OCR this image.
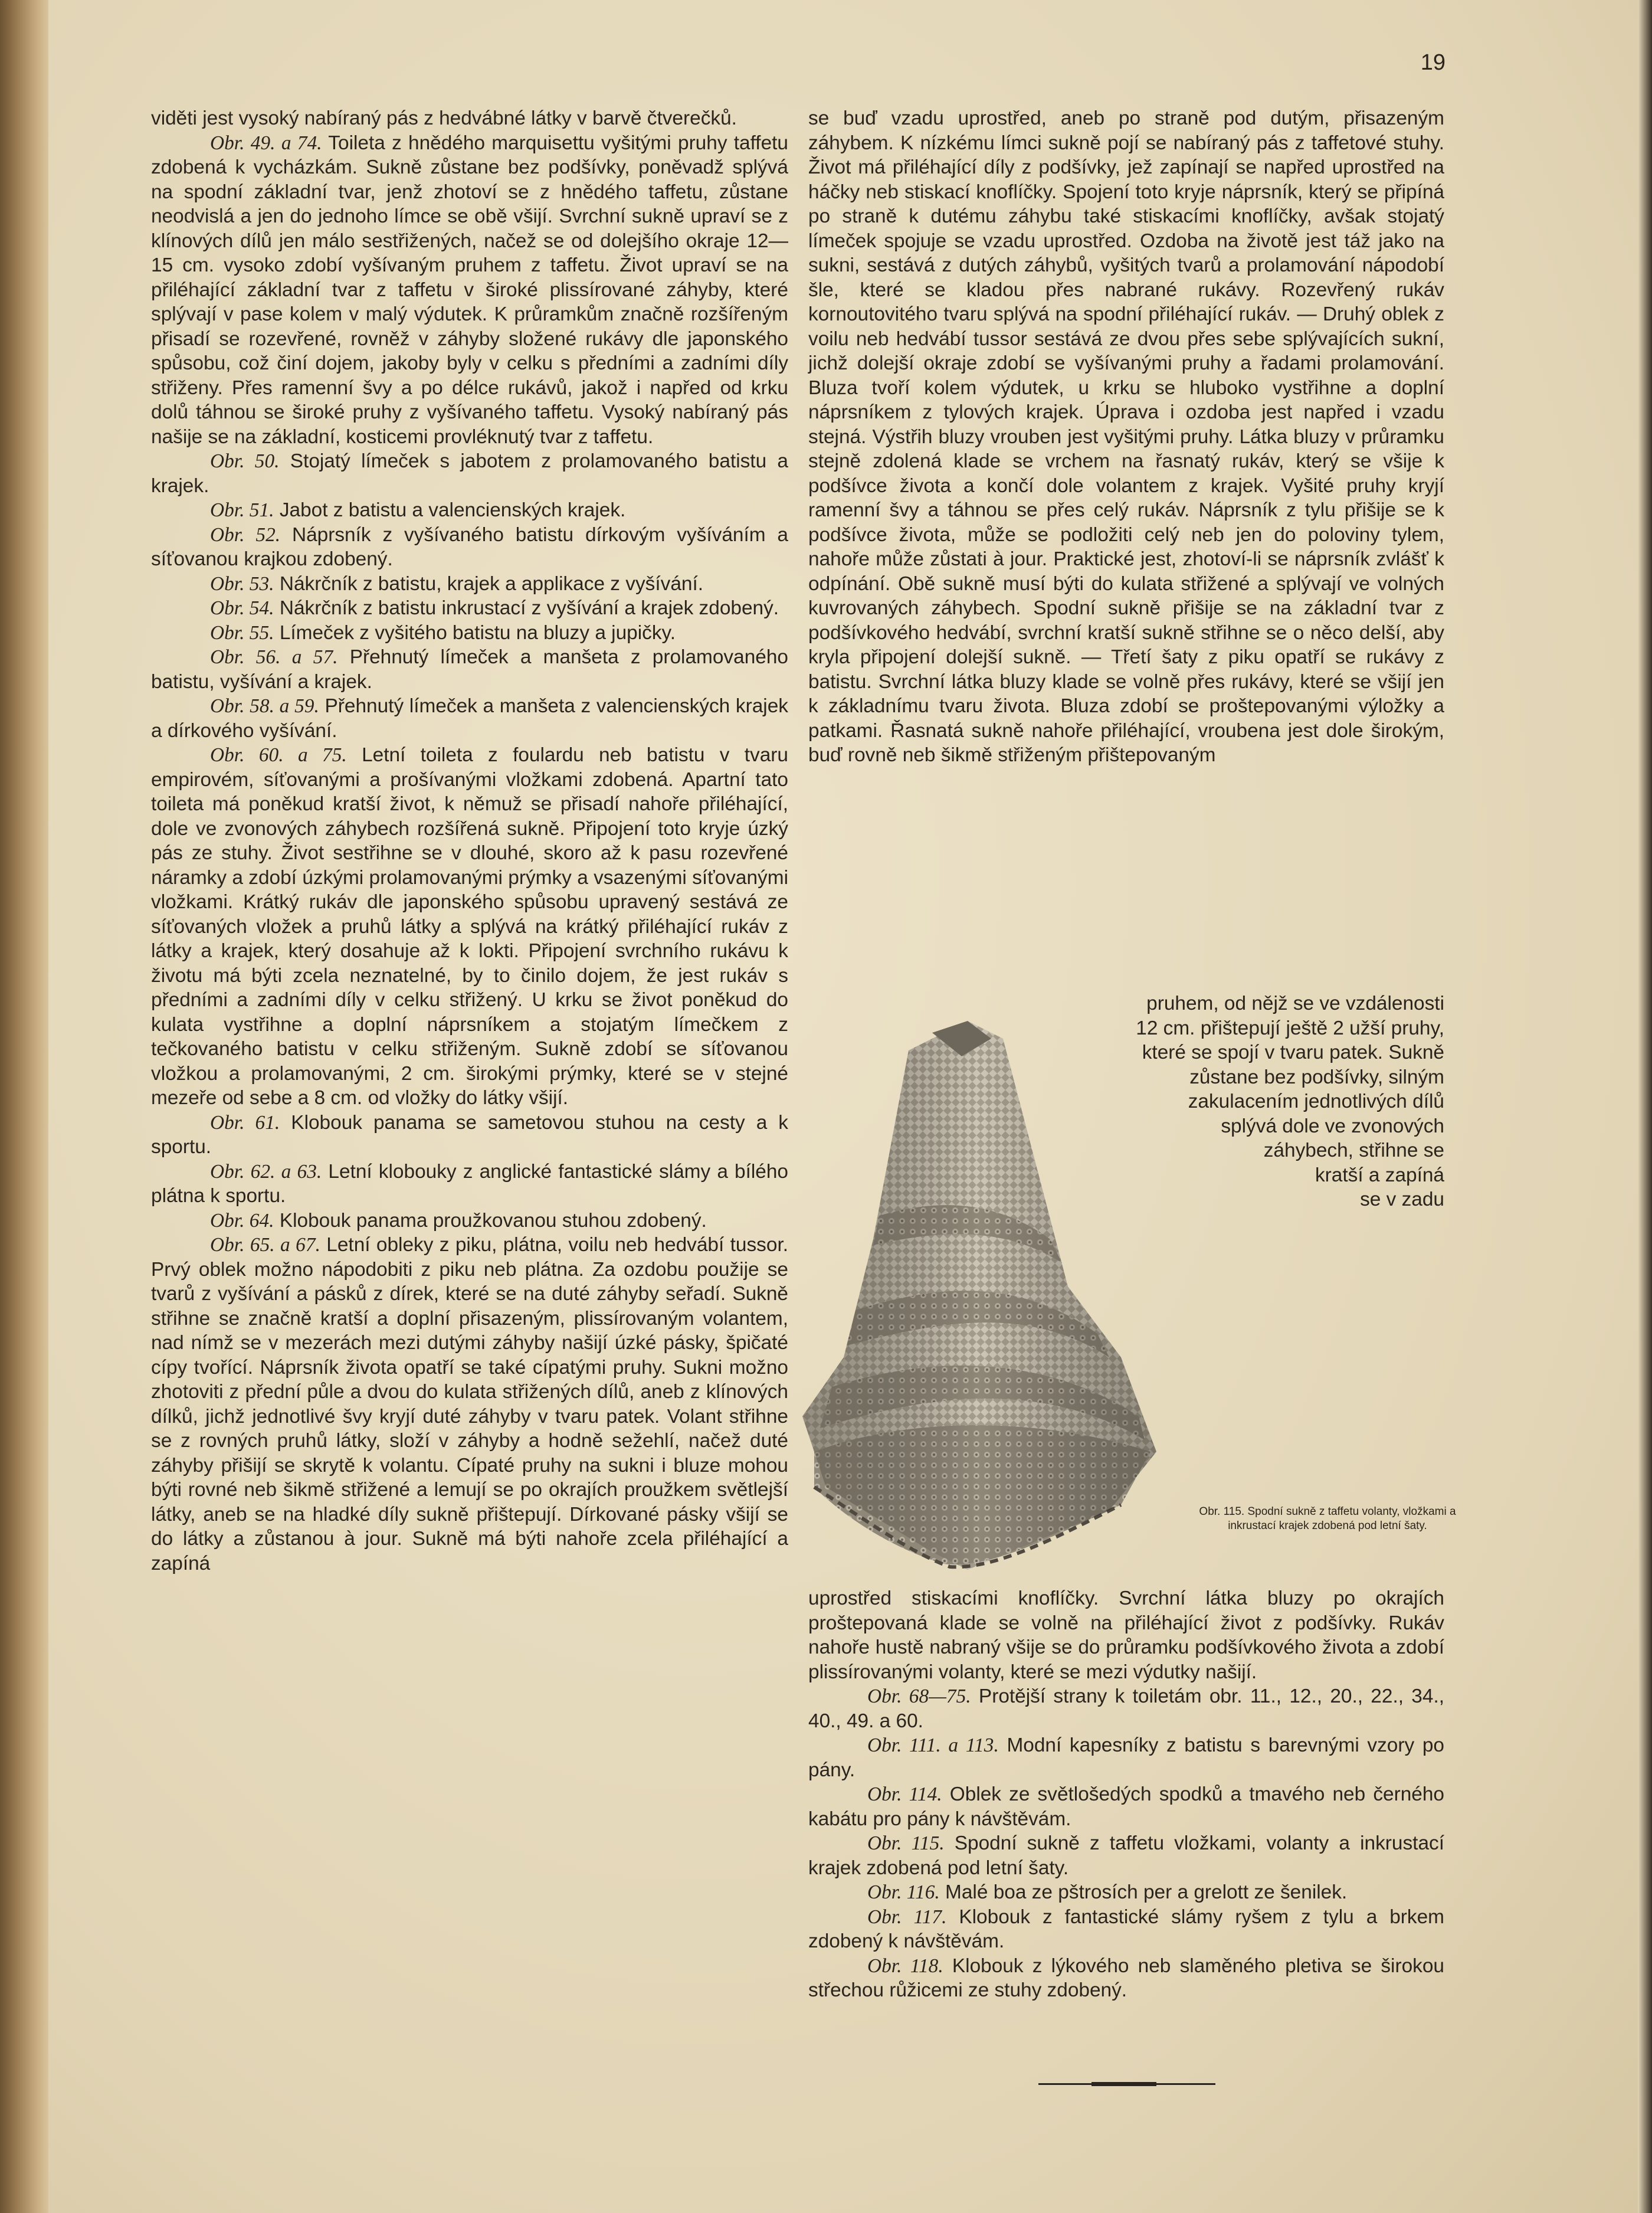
19

viděti jest vysoký nabíraný pás z hedvábné látky v barvě čtverečků.

Obr. 49. a 74. Toileta z hnědého marquisettu vyšitými pruhy taffetu zdobená k vycházkám. Sukně zůstane bez podšívky, poněvadž splývá na spodní základní tvar, jenž zhotoví se z hnědého taffetu, zůstane neodvislá a jen do jednoho límce se obě všijí. Svrchní sukně upraví se z klínových dílů jen málo sestřižených, načež se od dolejšího okraje 12—15 cm. vysoko zdobí vyšívaným pruhem z taffetu. Život upraví se na přiléhající základní tvar z taffetu v široké plissírované záhyby, které splývají v pase kolem v malý výdutek. K průramkům značně rozšířeným přisadí se rozevřené, rovněž v záhyby složené rukávy dle japonského spůsobu, což činí dojem, jakoby byly v celku s předními a zadními díly střiženy. Přes ramenní švy a po délce rukávů, jakož i napřed od krku dolů táhnou se široké pruhy z vyšívaného taffetu. Vysoký nabíraný pás našije se na základní, kosticemi provléknutý tvar z taffetu.

Obr. 50. Stojatý límeček s jabotem z prolamovaného batistu a krajek.

Obr. 51. Jabot z batistu a valencienských krajek.

Obr. 52. Náprsník z vyšívaného batistu dírkovým vyšíváním a síťovanou krajkou zdobený.

Obr. 53. Nákrčník z batistu, krajek a applikace z vyšívání.

Obr. 54. Nákrčník z batistu inkrustací z vyšívání a krajek zdobený.

Obr. 55. Límeček z vyšitého batistu na bluzy a jupičky.

Obr. 56. a 57. Přehnutý límeček a manšeta z prolamovaného batistu, vyšívání a krajek.

Obr. 58. a 59. Přehnutý límeček a manšeta z valencienských krajek a dírkového vyšívání.

Obr. 60. a 75. Letní toileta z foulardu neb batistu v tvaru empirovém, síťovanými a prošívanými vložkami zdobená. Apartní tato toileta má poněkud kratší život, k němuž se přisadí nahoře přiléhající, dole ve zvonových záhybech rozšířená sukně. Připojení toto kryje úzký pás ze stuhy. Život sestřihne se v dlouhé, skoro až k pasu rozevřené náramky a zdobí úzkými prolamovanými prýmky a vsazenými síťovanými vložkami. Krátký rukáv dle japonského spůsobu upravený sestává ze síťovaných vložek a pruhů látky a splývá na krátký přiléhající rukáv z látky a krajek, který dosahuje až k lokti. Připojení svrchního rukávu k životu má býti zcela neznatelné, by to činilo dojem, že jest rukáv s předními a zadními díly v celku střižený. U krku se život poněkud do kulata vystřihne a doplní náprsníkem a stojatým límečkem z tečkovaného batistu v celku střiženým. Sukně zdobí se síťovanou vložkou a prolamovanými, 2 cm. širokými prýmky, které se v stejné mezeře od sebe a 8 cm. od vložky do látky všijí.

Obr. 61. Klobouk panama se sametovou stuhou na cesty a k sportu.

Obr. 62. a 63. Letní klobouky z anglické fantastické slámy a bílého plátna k sportu.

Obr. 64. Klobouk panama proužkovanou stuhou zdobený.

Obr. 65. a 67. Letní obleky z piku, plátna, voilu neb hedvábí tussor. Prvý oblek možno nápodobiti z piku neb plátna. Za ozdobu použije se tvarů z vyšívání a pásků z dírek, které se na duté záhyby seřadí. Sukně střihne se značně kratší a doplní přisazeným, plissírovaným volantem, nad nímž se v mezerách mezi dutými záhyby našijí úzké pásky, špičaté cípy tvořící. Náprsník života opatří se také cípatými pruhy. Sukni možno zhotoviti z přední půle a dvou do kulata střižených dílů, aneb z klínových dílků, jichž jednotlivé švy kryjí duté záhyby v tvaru patek. Volant střihne se z rovných pruhů látky, složí v záhyby a hodně sežehlí, načež duté záhyby přišijí se skrytě k volantu. Cípaté pruhy na sukni i bluze mohou býti rovné neb šikmě střižené a lemují se po okrajích proužkem světlejší látky, aneb se na hladké díly sukně přištepují. Dírkované pásky všijí se do látky a zůstanou à jour. Sukně má býti nahoře zcela přiléhající a zapíná

se buď vzadu uprostřed, aneb po straně pod dutým, přisazeným záhybem. K nízkému límci sukně pojí se nabíraný pás z taffetové stuhy. Život má přiléhající díly z podšívky, jež zapínají se napřed uprostřed na háčky neb stiskací knoflíčky. Spojení toto kryje náprsník, který se připíná po straně k dutému záhybu také stiskacími knoflíčky, avšak stojatý límeček spojuje se vzadu uprostřed. Ozdoba na životě jest táž jako na sukni, sestává z dutých záhybů, vyšitých tvarů a prolamování nápodobí šle, které se kladou přes nabrané rukávy. Rozevřený rukáv kornoutovitého tvaru splývá na spodní přiléhající rukáv. — Druhý oblek z voilu neb hedvábí tussor sestává ze dvou přes sebe splývajících sukní, jichž dolejší okraje zdobí se vyšívanými pruhy a řadami prolamování. Bluza tvoří kolem výdutek, u krku se hluboko vystřihne a doplní náprsníkem z tylových krajek. Úprava i ozdoba jest napřed i vzadu stejná. Výstřih bluzy vrouben jest vyšitými pruhy. Látka bluzy v průramku stejně zdolená klade se vrchem na řasnatý rukáv, který se všije k podšívce života a končí dole volantem z krajek. Vyšité pruhy kryjí ramenní švy a táhnou se přes celý rukáv. Náprsník z tylu přišije se k podšívce života, může se podložiti celý neb jen do poloviny tylem, nahoře může zůstati à jour. Praktické jest, zhotoví-li se náprsník zvlášť k odpínání. Obě sukně musí býti do kulata střižené a splývají ve volných kuvrovaných záhybech. Spodní sukně přišije se na základní tvar z podšívkového hedvábí, svrchní kratší sukně střihne se o něco delší, aby kryla připojení dolejší sukně. — Třetí šaty z piku opatří se rukávy z batistu. Svrchní látka bluzy klade se volně přes rukávy, které se všijí jen k základnímu tvaru života. Bluza zdobí se proštepovanými výložky a patkami. Řasnatá sukně nahoře přiléhající, vroubena jest dole širokým, buď rovně neb šikmě střiženým přištepovaným

pruhem, od nějž se ve vzdálenosti
12 cm. přištepují ještě 2 užší pruhy,
které se spojí v tvaru patek. Sukně
zůstane bez podšívky, silným
zakulacením jednotlivých dílů
splývá dole ve zvonových
záhybech, střihne se
kratší a zapíná
se v zadu
Obr. 115. Spodní sukně z taffetu volanty, vložkami a inkrustací krajek zdobená pod letní šaty.

uprostřed stiskacími knoflíčky. Svrchní látka bluzy po okrajích proštepovaná klade se volně na přiléhající život z podšívky. Rukáv nahoře hustě nabraný všije se do průramku podšívkového života a zdobí plissírovanými volanty, které se mezi výdutky našijí.

Obr. 68—75. Protější strany k toiletám obr. 11., 12., 20., 22., 34., 40., 49. a 60.

Obr. 111. a 113. Modní kapesníky z batistu s barevnými vzory po pány.

Obr. 114. Oblek ze světlošedých spodků a tmavého neb černého kabátu pro pány k návštěvám.

Obr. 115. Spodní sukně z taffetu vložkami, volanty a inkrustací krajek zdobená pod letní šaty.

Obr. 116. Malé boa ze pštrosích per a grelott ze šenilek.

Obr. 117. Klobouk z fantastické slámy ryšem z tylu a brkem zdobený k návštěvám.

Obr. 118. Klobouk z lýkového neb slaměného pletiva se širokou střechou růžicemi ze stuhy zdobený.
